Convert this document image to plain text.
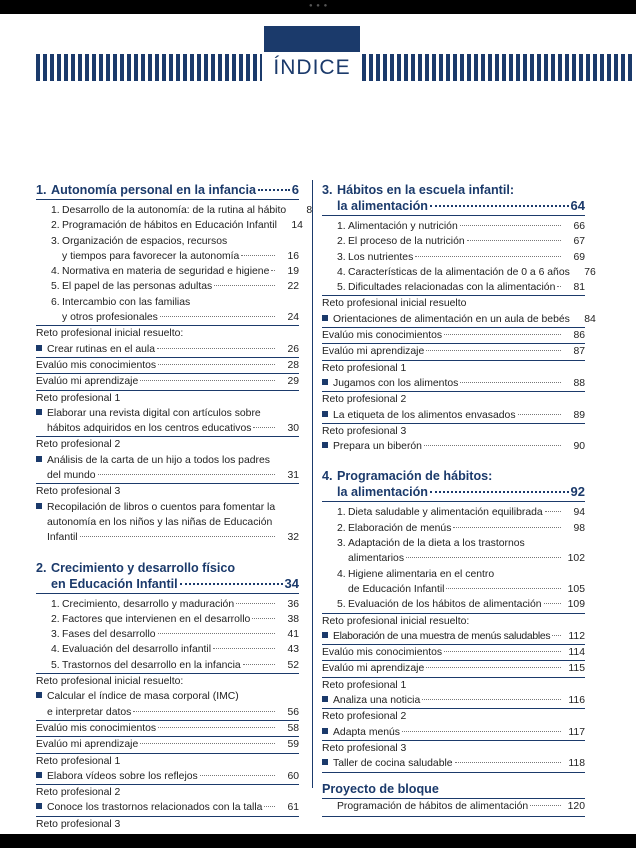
● ● ●
ÍNDICE
1. Autonomía personal en la infancia	6
1. Desarrollo de la autonomía: de la rutina al hábito	8
2. Programación de hábitos en Educación Infantil	14
3. Organización de espacios, recursos
y tiempos para favorecer la autonomía	16
4. Normativa en materia de seguridad e higiene	19
5. El papel de las personas adultas	22
6. Intercambio con las familias
y otros profesionales	24
Reto profesional inicial resuelto:
Crear rutinas en el aula	26
Evalúo mis conocimientos	28
Evalúo mi aprendizaje	29
Reto profesional 1
Elaborar una revista digital con artículos sobre
hábitos adquiridos en los centros educativos	30
Reto profesional 2
Análisis de la carta de un hijo a todos los padres
del mundo	31
Reto profesional 3
Recopilación de libros o cuentos para fomentar la
autonomía en los niños y las niñas de Educación
Infantil	32
2. Crecimiento y desarrollo físico
en Educación Infantil	34
1. Crecimiento, desarrollo y maduración	36
2. Factores que intervienen en el desarrollo	38
3. Fases del desarrollo	41
4. Evaluación del desarrollo infantil	43
5. Trastornos del desarrollo en la infancia	52
Reto profesional inicial resuelto:
Calcular el índice de masa corporal (IMC)
e interpretar datos	56
Evalúo mis conocimientos	58
Evalúo mi aprendizaje	59
Reto profesional 1
Elabora vídeos sobre los reflejos	60
Reto profesional 2
Conoce los trastornos relacionados con la talla	61
Reto profesional 3
3. Hábitos en la escuela infantil:
la alimentación	64
1. Alimentación y nutrición	66
2. El proceso de la nutrición	67
3. Los nutrientes	69
4. Características de la alimentación de 0 a 6 años	76
5. Dificultades relacionadas con la alimentación	81
Reto profesional inicial resuelto
Orientaciones de alimentación en un aula de bebés	84
Evalúo mis conocimientos	86
Evalúo mi aprendizaje	87
Reto profesional 1
Jugamos con los alimentos	88
Reto profesional 2
La etiqueta de los alimentos envasados	89
Reto profesional 3
Prepara un biberón	90
4. Programación de hábitos:
la alimentación	92
1. Dieta saludable y alimentación equilibrada	94
2. Elaboración de menús	98
3. Adaptación de la dieta a los trastornos
alimentarios	102
4. Higiene alimentaria en el centro
de Educación Infantil	105
5. Evaluación de los hábitos de alimentación	109
Reto profesional inicial resuelto:
Elaboración de una muestra de menús saludables	112
Evalúo mis conocimientos	114
Evalúo mi aprendizaje	115
Reto profesional 1
Analiza una noticia	116
Reto profesional 2
Adapta menús	117
Reto profesional 3
Taller de cocina saludable	118
Proyecto de bloque
Programación de hábitos de alimentación	120
